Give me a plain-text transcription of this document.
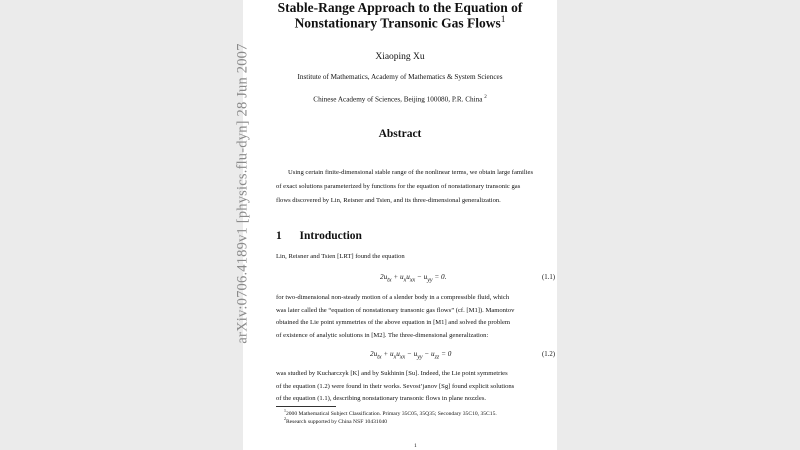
arXiv:0706.4189v1 [physics.flu-dyn] 28 Jun 2007
Stable-Range Approach to the Equation of
Nonstationary Transonic Gas Flows$^1$
Xiaoping Xu
Institute of Mathematics, Academy of Mathematics & System Sciences
Chinese Academy of Sciences, Beijing 100080, P.R. China $^2$
Abstract
Using certain finite-dimensional stable range of the nonlinear terms, we obtain large families
of exact solutions parameterized by functions for the equation of nonstationary transonic gas
flows discovered by Lin, Reisner and Tsien, and its three-dimensional generalization.
1 Introduction
Lin, Reisner and Tsien [LRT] found the equation
$2u_{tx} + u_xu_{xx} - u_{yy} = 0$.	(1.1)
for two-dimensional non-steady motion of a slender body in a compressible fluid, which
was later called the “equation of nonstationary transonic gas flows” (cf. [M1]). Mamontov
obtained the Lie point symmetries of the above equation in [M1] and solved the problem
of existence of analytic solutions in [M2]. The three-dimensional generalization:
$2u_{tx} + u_xu_{xx} - u_{yy} - u_{zz} = 0$	(1.2)
was studied by Kucharczyk [K] and by Sukhinin [Su]. Indeed, the Lie point symmetries
of the equation (1.2) were found in their works. Sevost’janov [Sg] found explicit solutions
of the equation (1.1), describing nonstationary transonic flows in plane nozzles.
$^1$2000 Mathematical Subject Classification. Primary 35C05, 35Q35; Secondary 35C10, 35C15.
$^2$Research supported by China NSF 10431040
1
